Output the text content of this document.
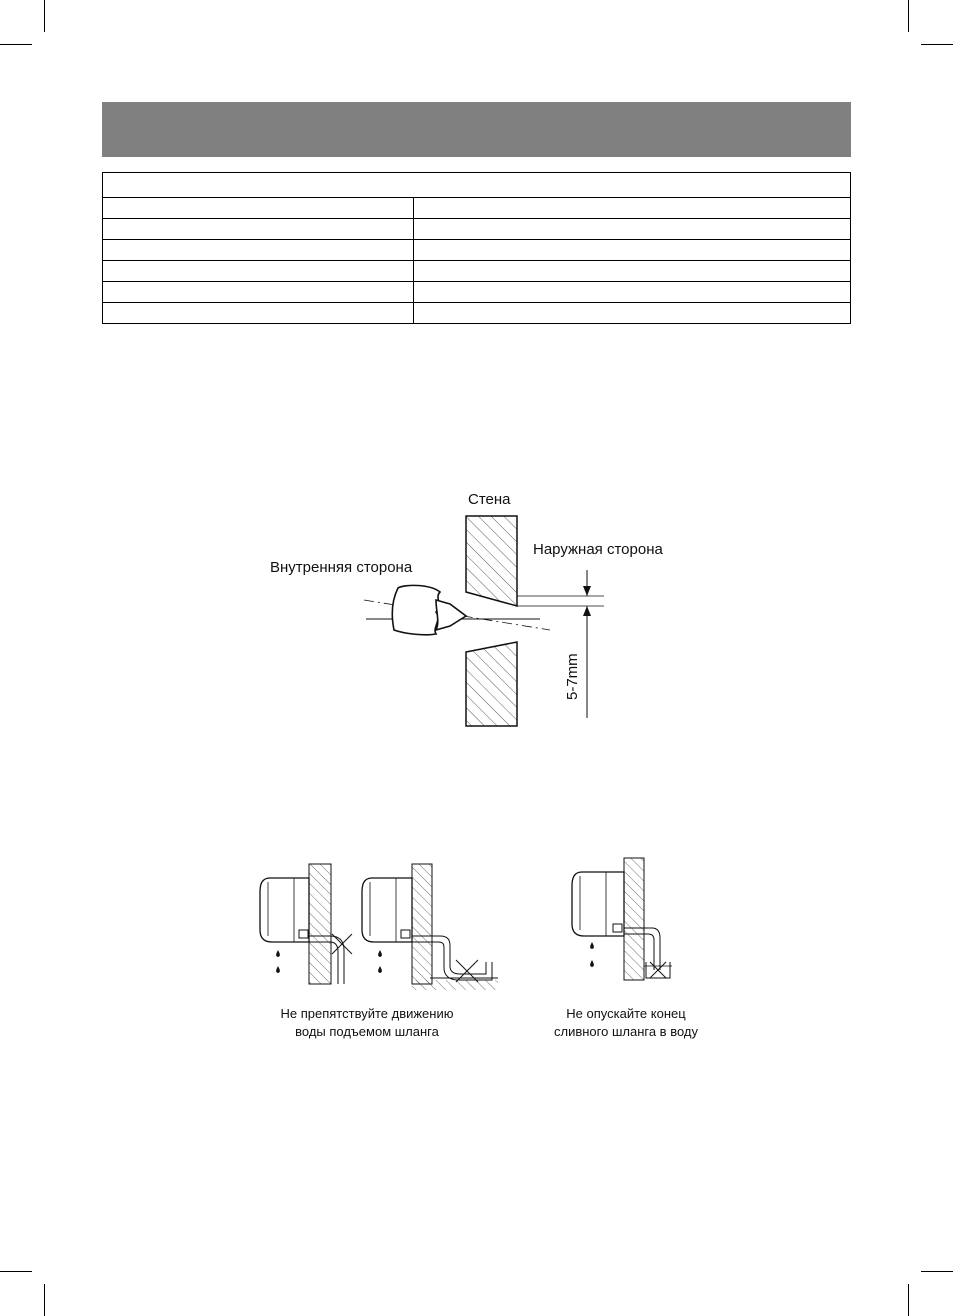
Стена
Наружная сторона
Внутренняя сторона
5-7mm
Не препятствуйте движению
воды подъемом шланга
Не опускайте конец
сливного шланга в воду
